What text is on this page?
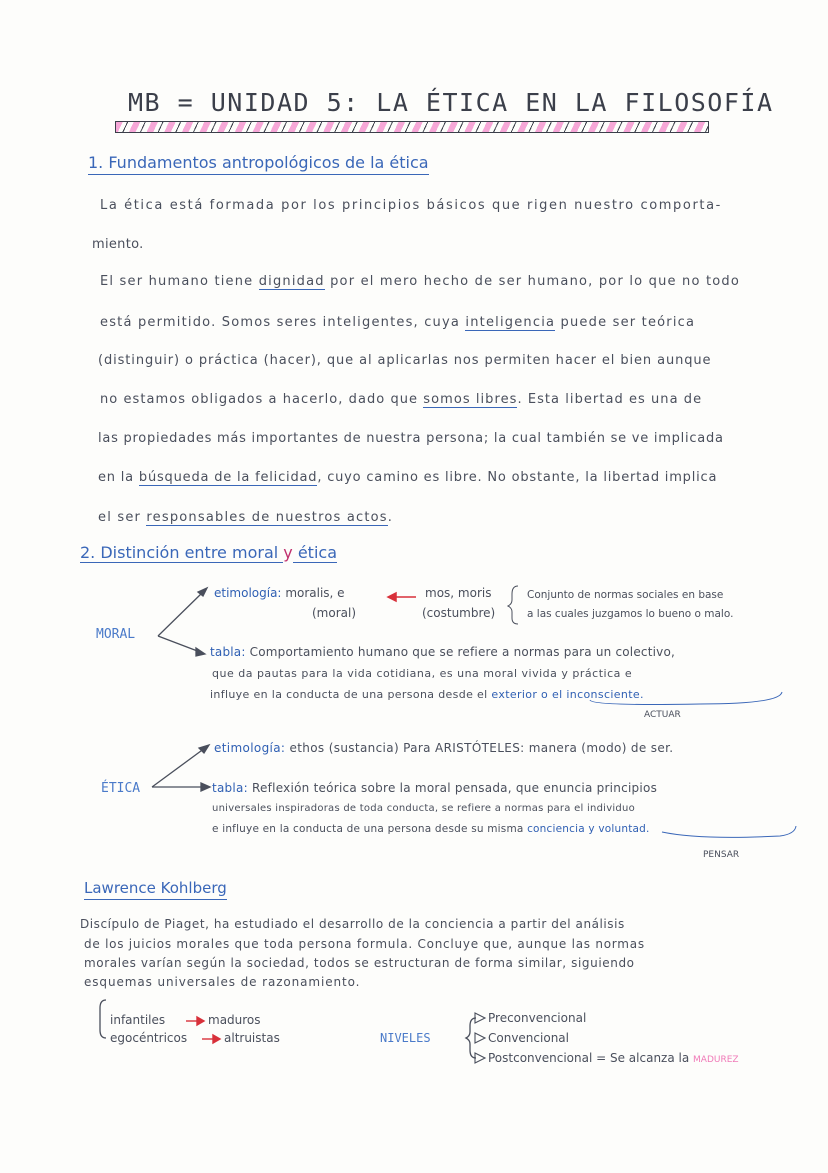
MB = UNIDAD 5: LA ÉTICA EN LA FILOSOFÍA
1. Fundamentos antropológicos de la ética
La ética está formada por los principios básicos que rigen nuestro comporta-
miento.
El ser humano tiene dignidad por el mero hecho de ser humano, por lo que no todo
está permitido. Somos seres inteligentes, cuya inteligencia puede ser teórica
(distinguir) o práctica (hacer), que al aplicarlas nos permiten hacer el bien aunque
no estamos obligados a hacerlo, dado que somos libres. Esta libertad es una de
las propiedades más importantes de nuestra persona; la cual también se ve implicada
en la búsqueda de la felicidad, cuyo camino es libre. No obstante, la libertad implica
el ser responsables de nuestros actos.
2. Distinción entre moral y ética
MORAL
etimología: moralis, e
(moral)
mos, moris
(costumbre)
Conjunto de normas sociales en base
a las cuales juzgamos lo bueno o malo.
tabla: Comportamiento humano que se refiere a normas para un colectivo,
que da pautas para la vida cotidiana, es una moral vivida y práctica e
influye en la conducta de una persona desde el exterior o el inconsciente.
ACTUAR
ÉTICA
etimología: ethos (sustancia) Para ARISTÓTELES: manera (modo) de ser.
tabla: Reflexión teórica sobre la moral pensada, que enuncia principios
universales inspiradoras de toda conducta, se refiere a normas para el individuo
e influye en la conducta de una persona desde su misma conciencia y voluntad.
PENSAR
Lawrence Kohlberg
Discípulo de Piaget, ha estudiado el desarrollo de la conciencia a partir del análisis
de los juicios morales que toda persona formula. Concluye que, aunque las normas
morales varían según la sociedad, todos se estructuran de forma similar, siguiendo
esquemas universales de razonamiento.
infantiles	maduros
egocéntricos	altruistas	NIVELES
Preconvencional
Convencional
Postconvencional = Se alcanza la MADUREZ
